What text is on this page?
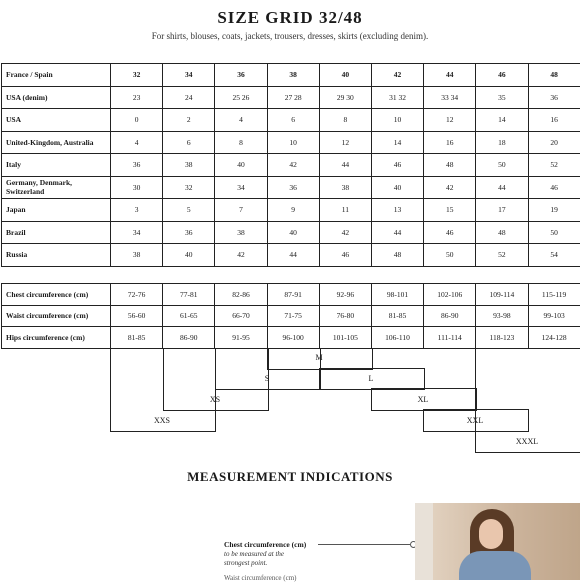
SIZE GRID 32/48
For shirts, blouses, coats, jackets, trousers, dresses, skirts (excluding denim).
France / Spain	32	34	36	38	40	42	44	46	48
USA (denim)	23	24	25 26	27 28	29 30	31 32	33 34	35	36
USA	0	2	4	6	8	10	12	14	16
United-Kingdom, Australia	4	6	8	10	12	14	16	18	20
Italy	36	38	40	42	44	46	48	50	52
Germany, Denmark, Switzerland	30	32	34	36	38	40	42	44	46
Japan	3	5	7	9	11	13	15	17	19
Brazil	34	36	38	40	42	44	46	48	50
Russia	38	40	42	44	46	48	50	52	54
Chest circumference (cm)	72-76	77-81	82-86	87-91	92-96	98-101	102-106	109-114	115-119
Waist circumference (cm)	56-60	61-65	66-70	71-75	76-80	81-85	86-90	93-98	99-103
Hips circumference (cm)	81-85	86-90	91-95	96-100	101-105	106-110	111-114	118-123	124-128
M
S	L
XS	XL
XXS	XXL
XXXL
MEASUREMENT INDICATIONS
Chest circumference (cm)
to be measured at the strongest point.
Waist circumference (cm)
